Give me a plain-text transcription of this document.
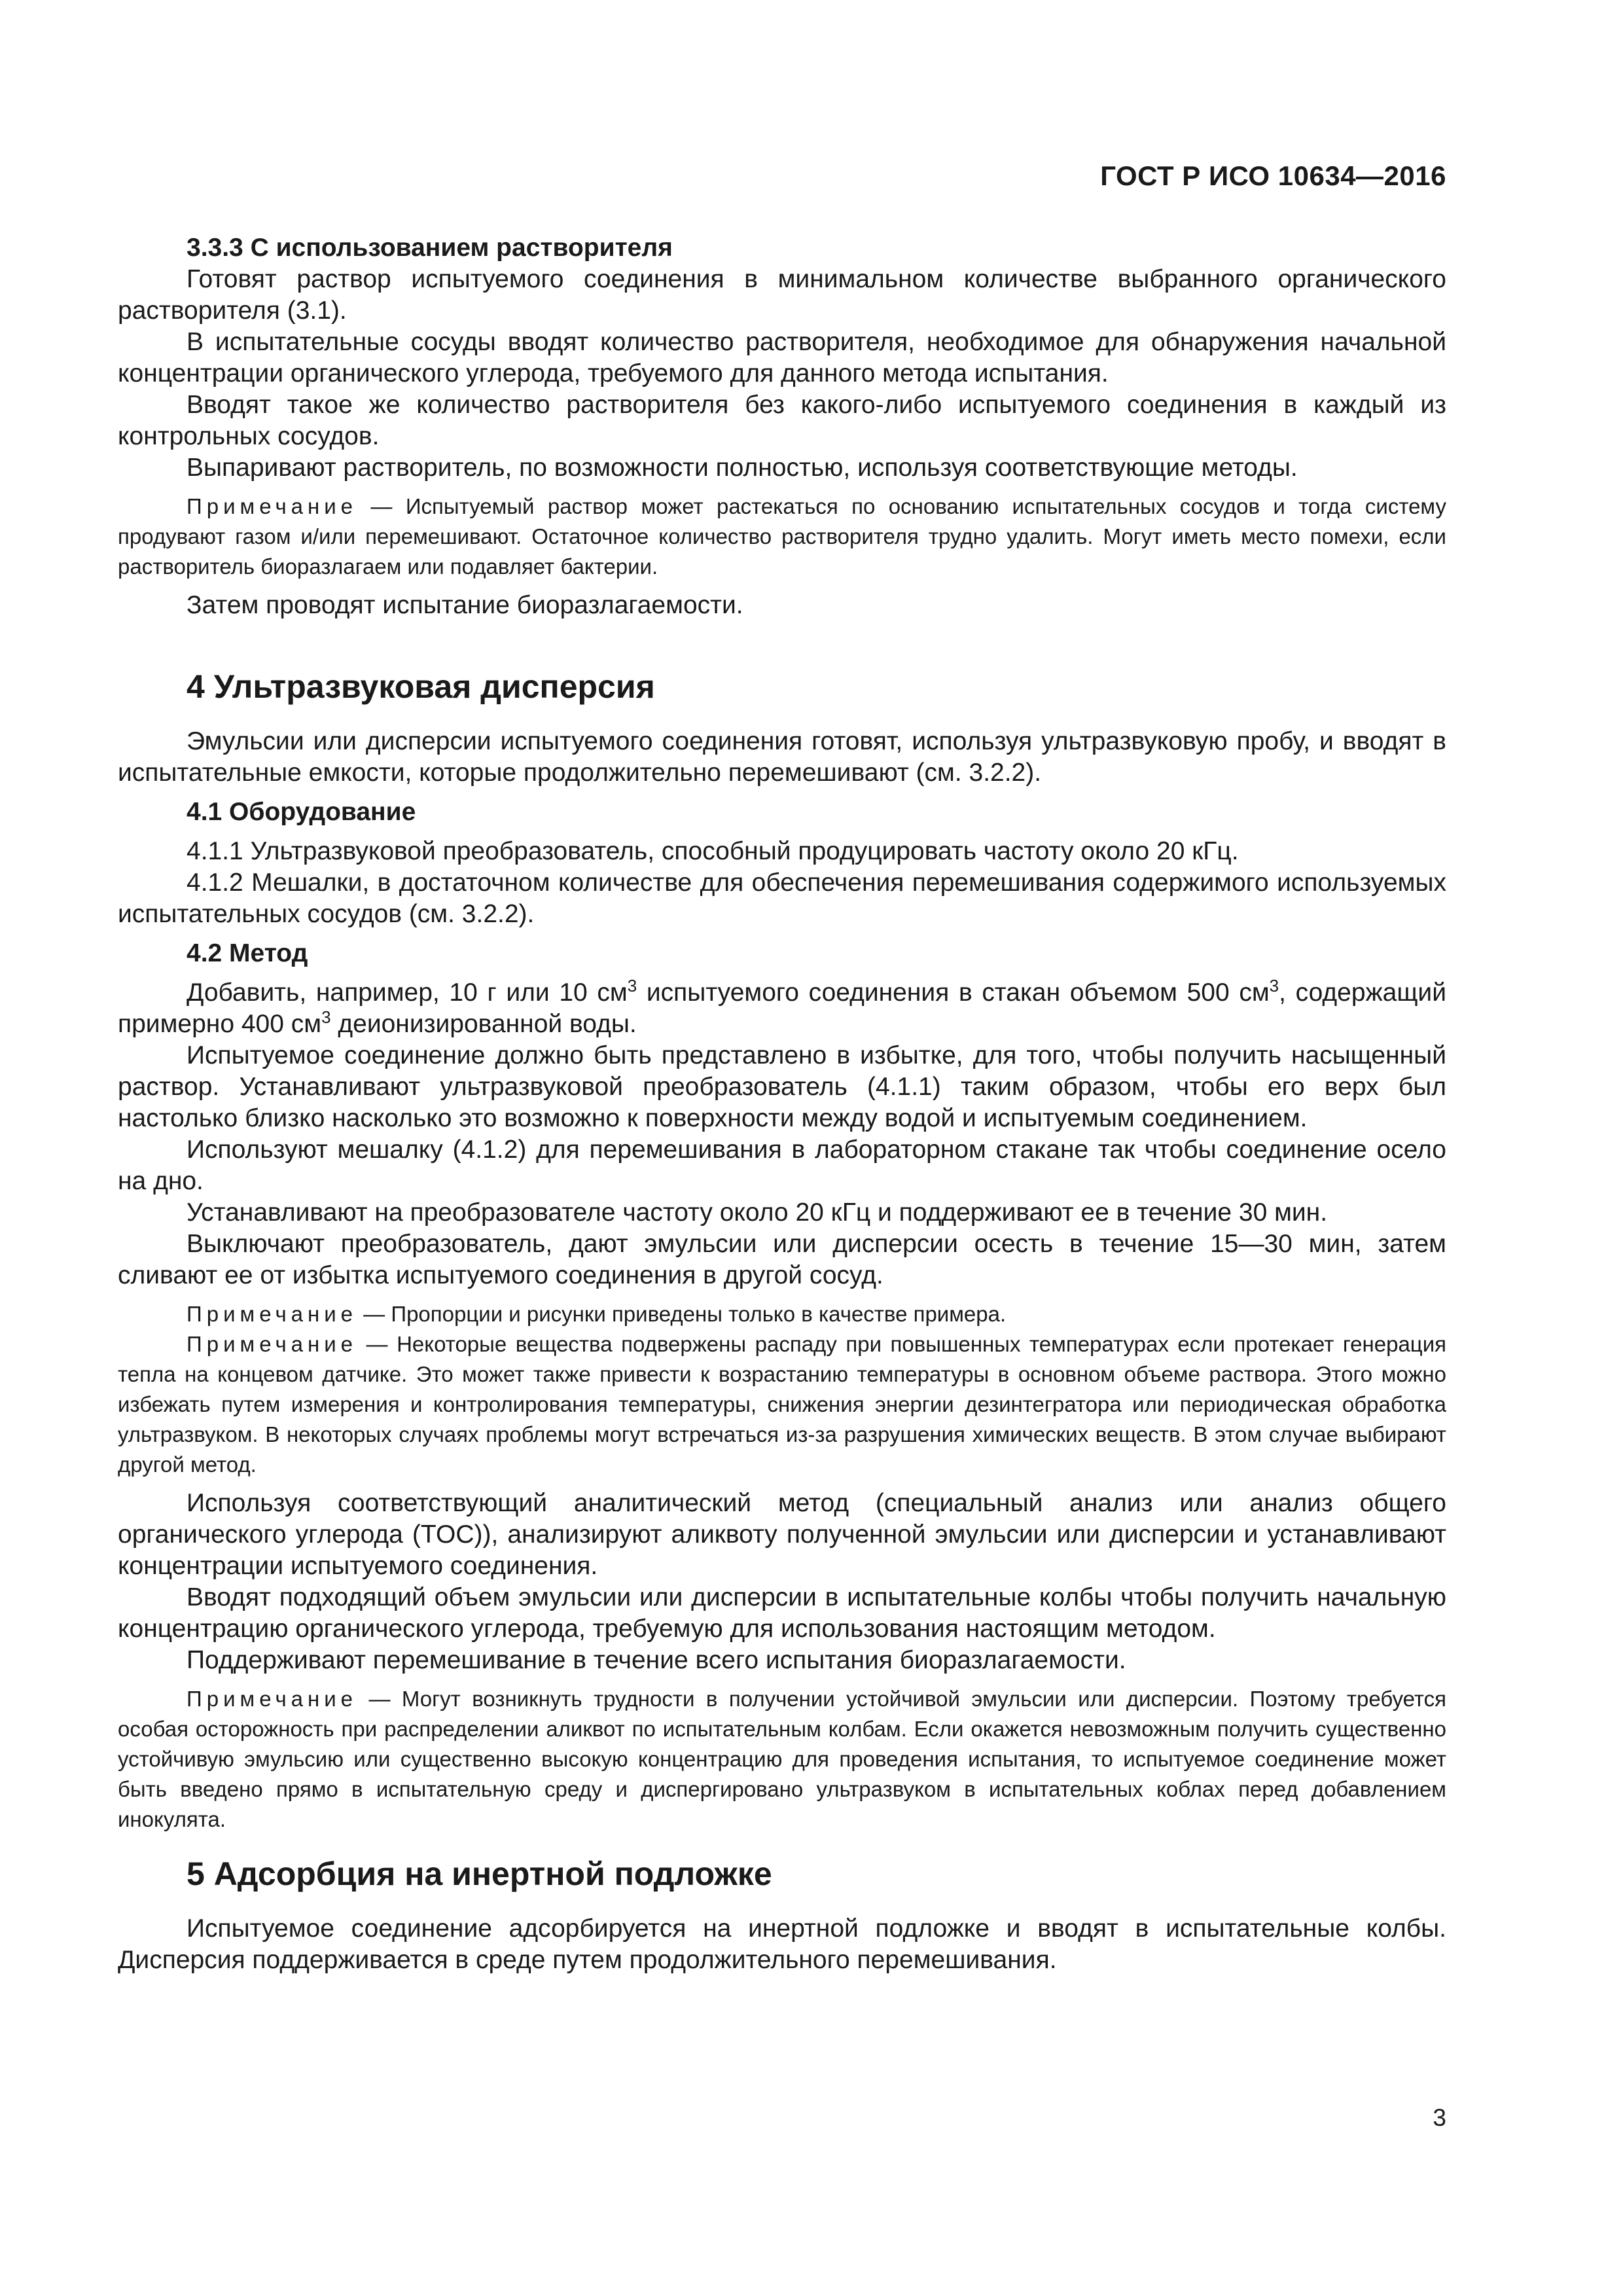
ГОСТ Р ИСО 10634—2016
3.3.3 С использованием растворителя

Готовят раствор испытуемого соединения в минимальном количестве выбранного органического растворителя (3.1).

В испытательные сосуды вводят количество растворителя, необходимое для обнаружения начальной концентрации органического углерода, требуемого для данного метода испытания.

Вводят такое же количество растворителя без какого-либо испытуемого соединения в каждый из контрольных сосудов.

Выпаривают растворитель, по возможности полностью, используя соответствующие методы.

Примечание — Испытуемый раствор может растекаться по основанию испытательных сосудов и тогда систему продувают газом и/или перемешивают. Остаточное количество растворителя трудно удалить. Могут иметь место помехи, если растворитель биоразлагаем или подавляет бактерии.

Затем проводят испытание биоразлагаемости.

4 Ультразвуковая дисперсия

Эмульсии или дисперсии испытуемого соединения готовят, используя ультразвуковую пробу, и вводят в испытательные емкости, которые продолжительно перемешивают (см. 3.2.2).

4.1 Оборудование

4.1.1 Ультразвуковой преобразователь, способный продуцировать частоту около 20 кГц.

4.1.2 Мешалки, в достаточном количестве для обеспечения перемешивания содержимого используемых испытательных сосудов (см. 3.2.2).

4.2 Метод

Добавить, например, 10 г или 10 $см^3$ испытуемого соединения в стакан объемом 500 $см^3$, содержащий примерно 400 $см^3$ деионизированной воды.

Испытуемое соединение должно быть представлено в избытке, для того, чтобы получить насыщенный раствор. Устанавливают ультразвуковой преобразователь (4.1.1) таким образом, чтобы его верх был настолько близко насколько это возможно к поверхности между водой и испытуемым соединением.

Используют мешалку (4.1.2) для перемешивания в лабораторном стакане так чтобы соединение осело на дно.

Устанавливают на преобразователе частоту около 20 кГц и поддерживают ее в течение 30 мин.

Выключают преобразователь, дают эмульсии или дисперсии осесть в течение 15—30 мин, затем сливают ее от избытка испытуемого соединения в другой сосуд.

Примечание — Пропорции и рисунки приведены только в качестве примера.
Примечание — Некоторые вещества подвержены распаду при повышенных температурах если протекает генерация тепла на концевом датчике. Это может также привести к возрастанию температуры в основном объеме раствора. Этого можно избежать путем измерения и контролирования температуры, снижения энергии дезинтегратора или периодическая обработка ультразвуком. В некоторых случаях проблемы могут встречаться из-за разрушения химических веществ. В этом случае выбирают другой метод.

Используя соответствующий аналитический метод (специальный анализ или анализ общего органического углерода (TOC)), анализируют аликвоту полученной эмульсии или дисперсии и устанавливают концентрации испытуемого соединения.

Вводят подходящий объем эмульсии или дисперсии в испытательные колбы чтобы получить начальную концентрацию органического углерода, требуемую для использования настоящим методом.

Поддерживают перемешивание в течение всего испытания биоразлагаемости.

Примечание — Могут возникнуть трудности в получении устойчивой эмульсии или дисперсии. Поэтому требуется особая осторожность при распределении аликвот по испытательным колбам. Если окажется невозможным получить существенно устойчивую эмульсию или существенно высокую концентрацию для проведения испытания, то испытуемое соединение может быть введено прямо в испытательную среду и диспергировано ультразвуком в испытательных коблах перед добавлением инокулята.
5 Адсорбция на инертной подложке

Испытуемое соединение адсорбируется на инертной подложке и вводят в испытательные колбы. Дисперсия поддерживается в среде путем продолжительного перемешивания.

3
